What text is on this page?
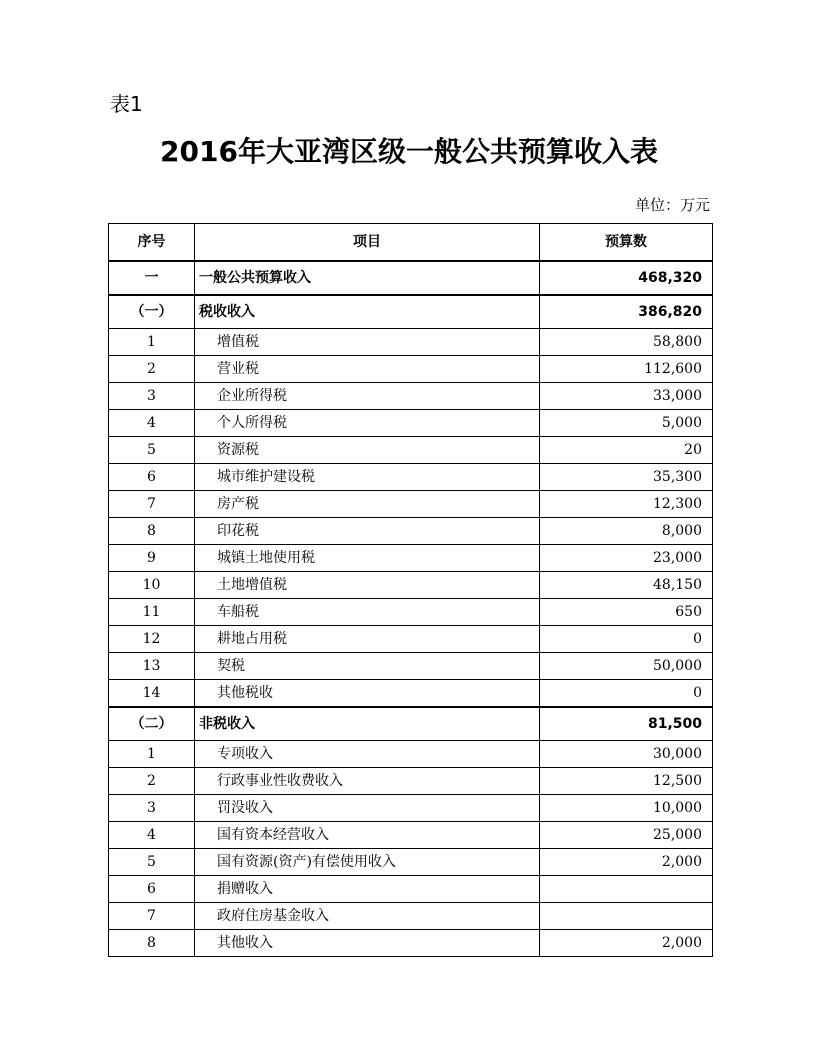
表1
2016年大亚湾区级一般公共预算收入表
单位：万元
序号	项目	预算数
一	一般公共预算收入	468,320
（一）	税收收入	386,820
1	增值税	58,800
2	营业税	112,600
3	企业所得税	33,000
4	个人所得税	5,000
5	资源税	20
6	城市维护建设税	35,300
7	房产税	12,300
8	印花税	8,000
9	城镇土地使用税	23,000
10	土地增值税	48,150
11	车船税	650
12	耕地占用税	0
13	契税	50,000
14	其他税收	0
（二）	非税收入	81,500
1	专项收入	30,000
2	行政事业性收费收入	12,500
3	罚没收入	10,000
4	国有资本经营收入	25,000
5	国有资源(资产)有偿使用收入	2,000
6	捐赠收入	
7	政府住房基金收入	
8	其他收入	2,000
